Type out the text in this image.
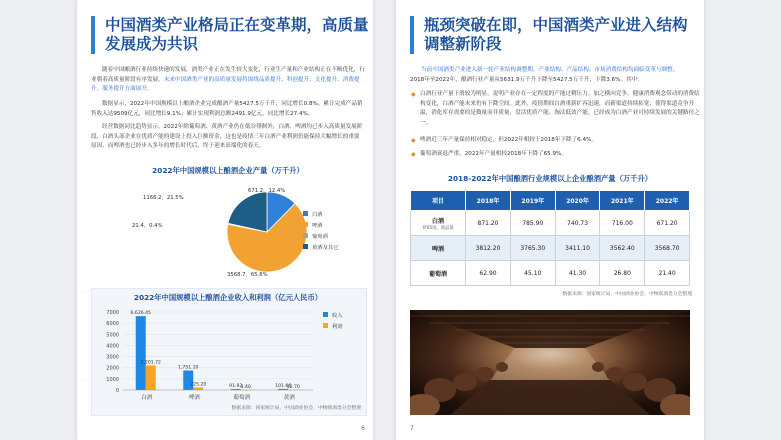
中国酒类产业格局正在变革期，高质量发展成为共识
随着中国酿酒行业持续快速的发展，酒类产业正在发生较大变化，行业生产量和产业结构正在不断优化，行业朝着高质量阶段有序发展。未来中国酒类产业的高质量发展将围绕品质提升、科创提升、文化提升、消费提升、服务提升方面展开。
数据显示，2022年中国规模以上酿酒企业完成酿酒产量5427.5万千升，同比增长0.8%。累计完成产品销售收入达9509亿元，同比增长9.1%；累计实现利润总额2491.9亿元，同比增长27.4%。
经营数据同比趋势显示，2022年除葡萄酒、黄酒产业仍在低谷徘徊外，白酒、啤酒均已步入高质量发展阶段，白酒头部企业在优质产能的建设上投入巨额资金，这也是疫情三年白酒产业利润仍能保持大幅增长的重要原因，而啤酒也已经步入多年的增长时代后，终于迎来高端化的春天。
2022年中国规模以上酿酒企业产量（万千升）
671.2，12.4%
3568.7，65.8%
21.4，0.4%
1166.2，21.5%
白酒
啤酒
葡萄酒
黄酒及其它
2022年中国规模以上酿酒企业收入和利润（亿元人民币）
7000
6000
5000
4000
3000
2000
1000
0
6,626.45
2,201.72
白酒
1,751.10
225.20
啤酒
91.92
3.40
葡萄酒
101.66
12.70
黄酒
收入
利润
数据来源：国家统计局、中国酒业协会、中物联酒类分会整理
6
瓶颈突破在即，中国酒类产业进入结构调整新阶段
当前中国酒类产业进入新一轮产业结构调整期，产业结构、产品结构、市场消费结构均面临变革与调整。2018年至2022年，酿酒行业产量从5631.9万千升下降至5427.5万千升，下降3.6%。其中：
◆ 白酒行业产量下滑较为明显，说明产业存在一定程度的产能过剩压力。加之横向竞争、健康消费观念带动的消费结构变化，白酒产能未来仍有下降空间。此外，疫情期间白酒重新扩容迅速，而新渠道持续拓宽；使得渠道竞争升温，消化库存需要的是数量而非质量，盘活优质产能、淘汰低效产能，已经成为白酒产业可持续发展的关键路径之一。
◆ 啤酒近三年产量保持相对稳定，但2022年相较于2018年下降了6.4%。
◆ 葡萄酒衰退严重，2022年产量相较2018年下降了65.9%。
2018-2022年中国酿酒行业规模以上企业酿酒产量（万千升）
项目	2018年	2019年	2020年	2021年	2022年

白酒
折65度，商品量	871.20	785.90	740.73	716.00	671.20
啤酒	3812.20	3765.30	3411.10	3562.40	3568.70
葡萄酒	62.90	45.10	41.30	26.80	21.40
数据来源：国家统计局、中国酒业协会、中物联酒类分会整理
7
